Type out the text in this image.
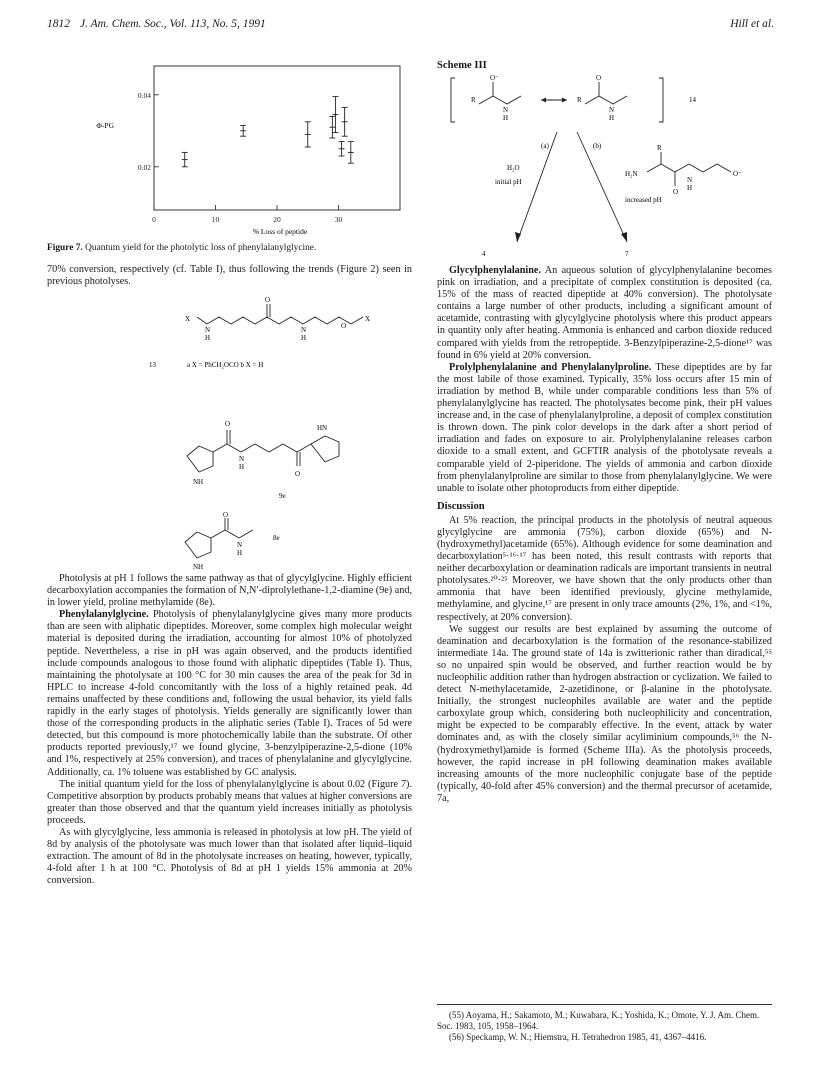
1812 J. Am. Chem. Soc., Vol. 113, No. 5, 1991	Hill et al.
0	10	20	30
0.02
0.04
% Loss of peptide
Φ-PG
Figure 7. Quantum yield for the photolytic loss of phenylalanylglycine.

70% conversion, respectively (cf. Table I), thus following the trends (Figure 2) seen in previous photolyses.

X	X
O
O
N
H
N
H
13	a X = PhCH₂OCO b X = H
O
O
N
H
NH
HN
9e
O
N
H
NH
8e

Photolysis at pH 1 follows the same pathway as that of glycylglycine. Highly efficient decarboxylation accompanies the formation of N,N′-diprolylethane-1,2-diamine (9e) and, in lower yield, proline methylamide (8e).

Phenylalanylglycine. Photolysis of phenylalanylglycine gives many more products than are seen with aliphatic dipeptides. Moreover, some complex high molecular weight material is deposited during the irradiation, accounting for almost 10% of photolyzed peptide. Nevertheless, a rise in pH was again observed, and the products identified include compounds analogous to those found with aliphatic dipeptides (Table I). Thus, maintaining the photolysate at 100 °C for 30 min causes the area of the peak for 3d in HPLC to increase 4-fold concomitantly with the loss of a highly retained peak. 4d remains unaffected by these conditions and, following the usual behavior, its yield falls rapidly in the early stages of photolysis. Yields generally are significantly lower than those of the corresponding products in the aliphatic series (Table I). Traces of 5d were detected, but this compound is more photochemically labile than the substrate. Of other products reported previously,¹⁷ we found glycine, 3-benzylpiperazine-2,5-dione (10% and 1%, respectively at 25% conversion), and traces of phenylalanine and glycylglycine. Additionally, ca. 1% toluene was established by GC analysis.

The initial quantum yield for the loss of phenylalanylglycine is about 0.02 (Figure 7). Competitive absorption by products probably means that values at higher conversions are greater than those observed and that the quantum yield increases initially as photolysis proceeds.

As with glycylglycine, less ammonia is released in photolysis at low pH. The yield of 8d by analysis of the photolysate was much lower than that isolated after liquid–liquid extraction. The amount of 8d in the photolysate increases on heating, however, typically, 4-fold after 1 h at 100 °C. Photolysis of 8d at pH 1 yields 15% ammonia at 20% conversion.

Scheme III
R	R
O⁻	O
N
H
N
H
14
(a)	(b)
H₂O
initial pH
H₂N
R
O⁻
O
N
H
increased pH
4	7

Glycylphenylalanine. An aqueous solution of glycylphenylalanine becomes pink on irradiation, and a precipitate of complex constitution is deposited (ca. 15% of the mass of reacted dipeptide at 40% conversion). The photolysate contains a large number of other products, including a significant amount of acetamide, contrasting with glycylglycine photolysis where this product appears in quantity only after heating. Ammonia is enhanced and carbon dioxide reduced compared with yields from the retropeptide. 3-Benzylpiperazine-2,5-dione¹⁷ was found in 6% yield at 20% conversion.

Prolylphenylalanine and Phenylalanylproline. These dipeptides are by far the most labile of those examined. Typically, 35% loss occurs after 15 min of irradiation by method B, while under comparable conditions less than 5% of phenylalanylglycine has reacted. The photolysates become pink, their pH values increase and, in the case of phenylalanylproline, a deposit of complex constitution is thrown down. The pink color develops in the dark after a short period of irradiation and fades on exposure to air. Prolylphenylalanine releases carbon dioxide to a small extent, and GCFTIR analysis of the photolysate reveals a comparable yield of 2-piperidone. The yields of ammonia and carbon dioxide from phenylalanylproline are similar to those from phenylalanylglycine. We were unable to isolate other photoproducts from either dipeptide.

Discussion

At 5% reaction, the principal products in the photolysis of neutral aqueous glycylglycine are ammonia (75%), carbon dioxide (65%) and N-(hydroxymethyl)acetamide (65%). Although evidence for some deamination and decarboxylation⁵·¹⁶·¹⁷ has been noted, this result contrasts with reports that neither decarboxylation or deamination radicals are important transients in neutral photolysates.²⁰·²⁵ Moreover, we have shown that the only products other than ammonia that have been identified previously, glycine methylamide, methylamine, and glycine,¹⁷ are present in only trace amounts (2%, 1%, and <1%, respectively, at 20% conversion).

We suggest our results are best explained by assuming the outcome of deamination and decarboxylation is the formation of the resonance-stabilized intermediate 14a. The ground state of 14a is zwitterionic rather than diradical,⁵⁵ so no unpaired spin would be observed, and further reaction would be by nucleophilic addition rather than hydrogen abstraction or cyclization. We failed to detect N-methylacetamide, 2-azetidinone, or β-alanine in the photolysate. Initially, the strongest nucleophiles available are water and the peptide carboxylate group which, considering both nucleophilicity and concentration, might be expected to be comparably effective. In the event, attack by water dominates and, as with the closely similar acyliminium compounds,⁵⁶ the N-(hydroxymethyl)amide is formed (Scheme IIIa). As the photolysis proceeds, however, the rapid increase in pH following deamination makes available increasing amounts of the more nucleophilic conjugate base of the peptide (typically, 40-fold after 45% conversion) and the thermal precursor of acetamide, 7a,

(55) Aoyama, H.; Sakamoto, M.; Kuwabara, K.; Yoshida, K.; Omote, Y. J. Am. Chem. Soc. 1983, 105, 1958–1964.
(56) Speckamp, W. N.; Hiemstra, H. Tetrahedron 1985, 41, 4367–4416.
